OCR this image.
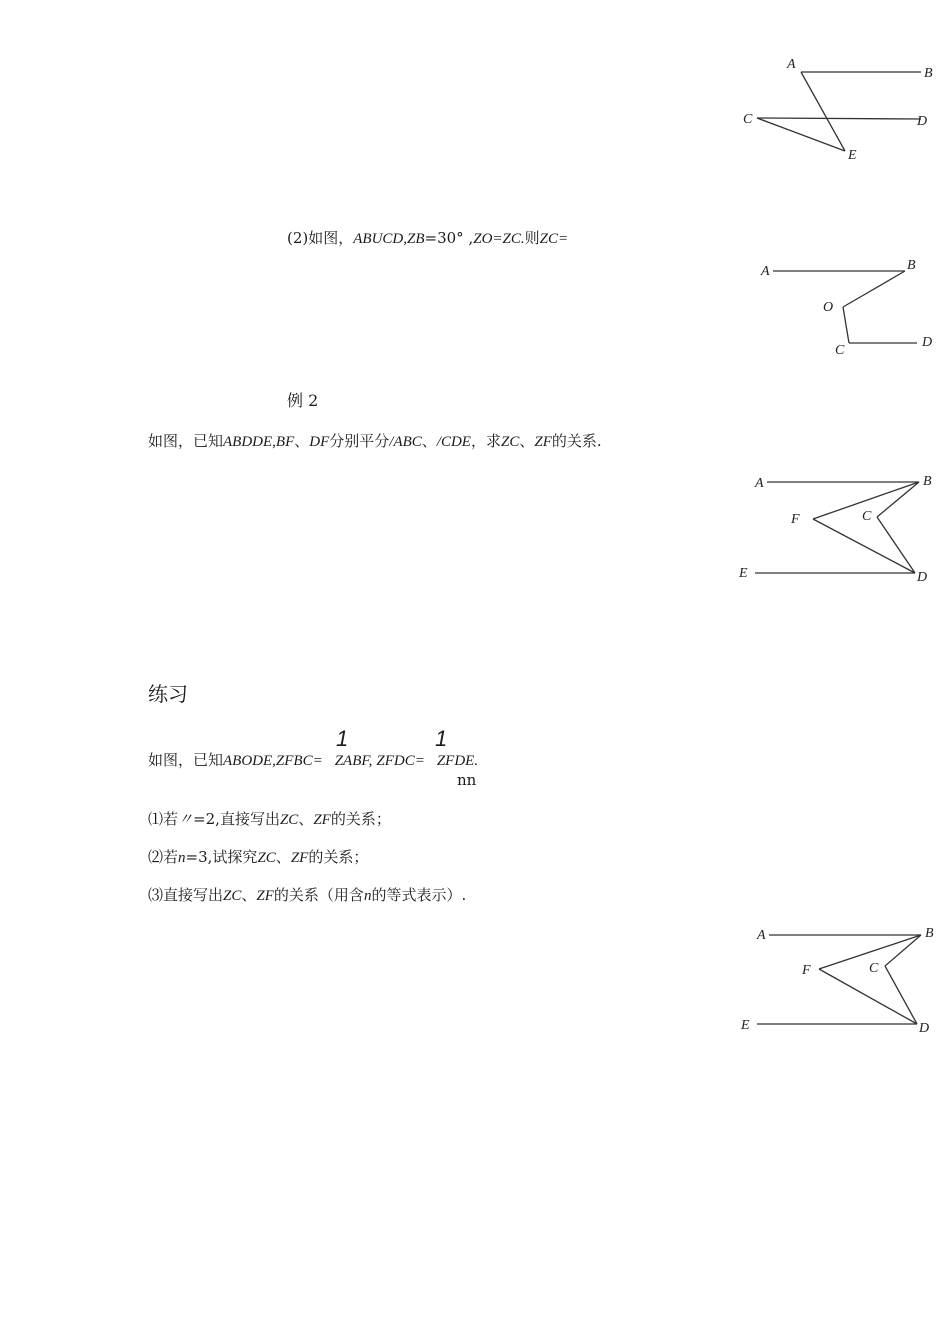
A
B
C	D
E
(2)如图，ABUCD,ZB=30° ,ZO=ZC.则ZC=
A	B
O
C
D
例 2
如图，已知ABDDE,BF、DF分别平分/ABC、/CDE，求ZC、ZF的关系.
A	B
F	C
E	D
练习
1	1
如图，已知ABODE,ZFBC= ZABF, ZFDC= ZFDE.
nn
⑴若〃=2,直接写出ZC、ZF的关系；
⑵若n=3,试探究ZC、ZF的关系；
⑶直接写出ZC、ZF的关系（用含n的等式表示）.
A	B
F	C
E	D
